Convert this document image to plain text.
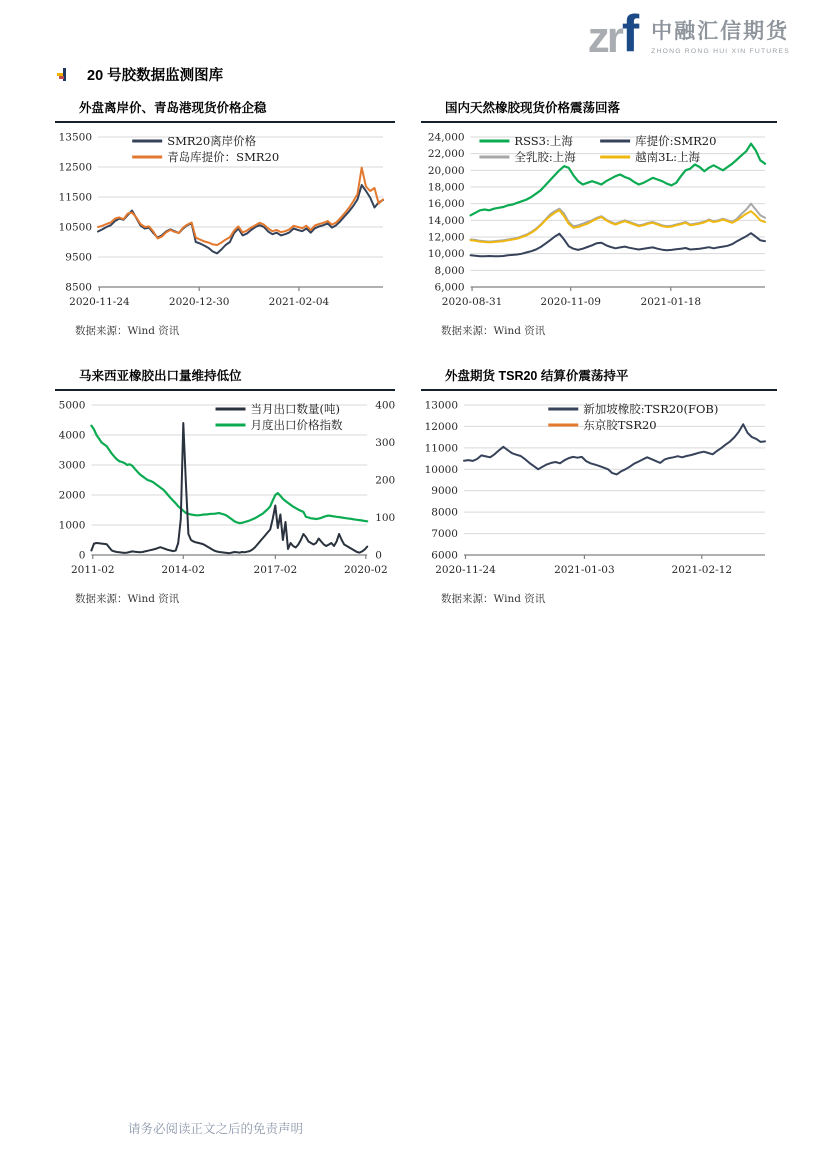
zr f 中融汇信期货
ZHONG RONG HUI XIN FUTURES
20 号胶数据监测图库
外盘离岸价、青岛港现货价格企稳
8500
9500
10500
11500
12500
13500
2020-11-24	2020-12-30	2021-02-04
SMR20离岸价格
青岛库提价：SMR20
数据来源：Wind 资讯
国内天然橡胶现货价格震荡回落
6,000
8,000
10,000
12,000
14,000
16,000
18,000
20,000
22,000
24,000
2020-08-31	2020-11-09	2021-01-18
RSS3:上海	库提价:SMR20
全乳胶:上海	越南3L:上海
数据来源：Wind 资讯
马来西亚橡胶出口量维持低位
0
1000
2000
3000
4000
5000
0
100
200
300
400
2011-02	2014-02	2017-02	2020-02
当月出口数量(吨)
月度出口价格指数
数据来源：Wind 资讯
外盘期货 TSR20 结算价震荡持平
6000
7000
8000
9000
10000
11000
12000
13000
2020-11-24	2021-01-03	2021-02-12
新加坡橡胶:TSR20(FOB)
东京胶TSR20
数据来源：Wind 资讯
请务必阅读正文之后的免责声明
